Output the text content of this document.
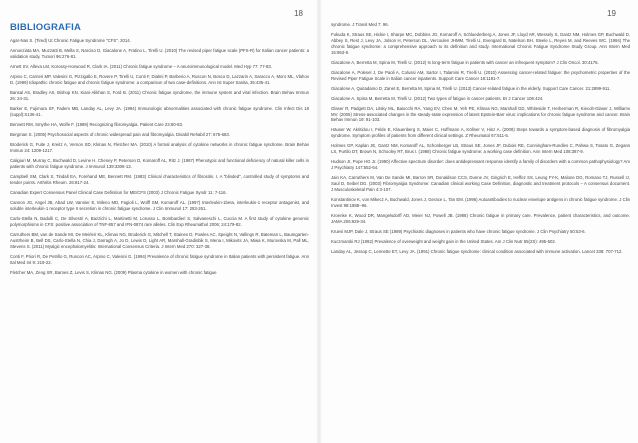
18
BIBLIOGRAFIA

Agar-Nas S. (Tired) Ut Chronic Fatigue Syndrome "CFS". 2014.

Annunziata MA, Muzzatti B, Mella S, Narciso D, Giacalone A, Fratino L, Tirelli U. (2010) The revised piper fatigue scale (PFS-R) for Italian cancer patients: a validation study. Tumori 96:276-81.

Arnett SV, Alleva LM, Korossy-Horwood R, Clark IA. (2011) Chronic fatigue syndrome – A neuroimmunological model. Med Hyp 77: 77-83.

Arpino C, Carrieri MP, Valesini G, Pizzigallo E, Rovere P, Tirelli U, Conti F, Dialmi P, Barberio A, Ruscon N, Bosco D, Lazzarin A, Saracco A, Moro ML, Vlahov D. (1999) Idiopathic chronic fatigue and chronic fatigue syndrome: a comparison of two case-definitions. Ann Ist Super Sanita, 35:435-41.

Bansal AS, Bradley AS, Bishop KN, Kiani-Alikhan S, Ford B. (2011) Chronic fatigue syndrome, the immune system and viral infection. Brain Behav Immun 26: 24-31.

Barker E, Fujimura SF, Fadem MB, Landay AL, Levy JA. (1994) Immunologic abnormalities associated with chronic fatigue syndrome. Clin Infect Dis 18 (suppl):S136-41.

Bennett RM, Smythe HA, Wolfe F. (1989) Recognizing fibromyalgia. Patient Care 23:60-83.

Bergman S. (2005) Psychosocial aspects of chronic widespread pain and fibromyalgia. Disabil Rehabil 27: 675-683.

Broderick G, Fuite J, Kreitz A, Vernon SD, Klimas N, Fletcher MA. (2010) A formal analysis of cytokine networks in chronic fatigue syndrome. Brain Behav Immun 24: 1209-1217.

Caligiuri M, Murray C, Buchwald D, Levine H, Cheney P, Peterson D, Komaroff AL, Ritz J. (1987) Phenotypic and functional deficiency of natural killer cells in patients with chronic fatigue syndrome. J Immunol 139:3306-13.

Campbell SM, Clark S, Tindall EA, Forehand ME, Bennett RM. (1983) Clinical characteristics of fibrositis. I. A "blinded", controlled study of symptoms and tender points. Arthritis Rheum. 26:817-24.

Canadian Expert Consensus Panel Clinical Case Definition for ME/CFS (2003) J Chronic Fatigue Syndr 11: 7-116.

Cannon JG, Angel JB, Abad LW, Vannier E, Mileno MD, Fagioli L, Wolff SM, Komaroff AL. (1997) Interleukin-1beta, interleukin-1 receptor antagonist, and soluble interleukin-1 receptor type II secretion in chronic fatigue syndrome. J Clin Immunol 17: 253-261.

Carlo-Stella N, Badulli C, De Silvestri A, Bazzichi L, Martinetti M, Lorusso L, Bombardieri S, Salvaneschi L, Cuccia M. A first study of cytokine genomic polymorphisms in CFS: positive association of TNF-857 and IFN-0874 rare alleles. Clin Exp Rheumathol 2006; 24:179-82.

Carruthers BM, van de Sande MI, De Meirleir KL, Klimas NG, Broderick G, Mitchell T, Staines D, Powles AC, Speight N, Vallings R, Bateman L, Baumgarten-Austrheim B, Bell DS, Carlo-Stella N, Chia J, Darragh A, Jo D, Lewis D, Light AR, Marshall-Gradisbik S, Mena I, Mikovits JA, Miwa K, Murovska M, Pall ML, Stevens S. (2011) Myalgic encephalomyelitis: International Consensus Criteria. J Intern Med 270: 327-38.

Conti F, Priori R, De Petrillo G, Ruscon AC, Arpino C, Valesini G. (1994) Prevalence of chronic fatigue syndrome in Italian patients with persistent fatigue. Ann Ital Med Int 9: 219-22.

Fletcher MA, Zeng XR, Barnes Z, Levis S, Klimas NG. (2009) Plasma cytokine in women with chronic fatigue

19

syndrome. J Transl Med 7: 96.

Fukuda K, Straus SE, Hickie I, Sharpe MC, Dobbins JG, Komaroff A, Schluederberg A, Jones JF, Lloyd AR, Wessely S, Gantz NM, Holmes GP, Buchwald D, Abbey S, Rest J, Levy JA, Jolson H, Peterson DL, Vercoulen JHMM, Tirelli U, Evengard B, Natelson BH, Steele L, Reyes M, and Reeves WC. (1994) The chronic fatigue syndrome: a comprehensive approach to its definition and study. International Chronic Fatigue Syndrome Study Group. Ann Intern Med 15:953-9.

Giacalone A, Berretta M, Spina M, Tirelli U. (2012) Is long-term fatigue in patients with cancer an infrequent symptom? J Clin Oncol. 30:4175.

Giacalone A, Polesel J, De Paoli A, Colussi AM, Sartor I, Talamini R, Tirelli U. (2010) Assessing cancer-related fatigue: the psychometric properties of the Revised Piper Fatigue Scale in Italian cancer inpatients. Support Care Cancer 18:1191-7.

Giacalone A, Quitadamo D, Zanet E, Berretta M, Spina M, Tirelli U. (2013) Cancer-related fatigue in the elderly. Support Care Cancer. 21:2899-911.

Giacalone A, Spina M, Berretta M, Tirelli U. (2012) Two types of fatigue in cancer patients. Br J Cancer 106:424.

Glaser R, Padgett DA, Litsky ML, Baiocchi RA, Yang EV, Chen M, Yeh PE, Klimas NG, Marshall GD, Whiteside T, Herberman R, Kiecolt-Glaser J, Williams MV. (2005) Stress-associated changes in the steady-state expression of latent Epstein-Barr virus: implications for chronic fatigue syndrome and cancer. Brain Behav Immun 19: 91-103.

Häuser W, Akritidou I, Felde E, Klauenberg S, Maier C, Hoffmann A, Köllner V, Hinz A. (2008) Steps towards a symptom-based diagnosis of fibromyalgia syndrome. Symptom profiles of patients from different clinical settings. Z Rheumatol 67:511-5.

Holmes GP, Kaplan JE, Gantz NM, Komaroff AL, Schonberger LB, Straus SE, Jones JF, Dubois RE, Cunningham-Rundles C, Pahwa S, Tosato G, Zegans LS, Purtilo DT, Brown N, Schooley RT, Brus I. (1988) Chronic fatigue syndrome: a working case definition. Ann Intern Med 108:387-9.

Hudson JI, Pope HG Jr. (1990) Affective spectrum disorder: does antidepressant response identify a family of disorders with a common pathophysiology? Am J Psychiatry 147:552-64.

Jain KA, Carruthers M, Van De Sande MI, Barron SR, Donaldson CCS, Dunne JV, Gingrich E, Heffez SS, Leung FY-K, Malone DG, Romano TJ, Russell IJ, Saul D, Seibel DG. (2003) Fibromyalgia Syndrome: Canadian clinical working Case Definition, diagnostic and treatment protocols – A consensus document. J Musculoskeletal Pain 4:3-107.

Konstantinov K, von Mikecz A, Buchwald, Jones J, Gerace L, Tan EM. (1996) Autoantibodies to nuclear envelope antigens in chronic fatigue syndrome. J Clin Invest 98:1888–96.

Kroenke K, Wood DR, Mangelsdorff AD, Meier NJ, Powell JB. (1988) Chronic fatigue in primary care. Prevalence, patient characteristics, and outcome. JAMA 206:929-34.

Kruesi MJP, Dale J, Straus SE (1989) Psychiatric diagnoses in patients who have chronic fatigue syndrome. J Clin Psychiatry 50:53-6.

Kuczmarski RJ (1992) Prevalence of overweight and weight gain in the United States. Am J Clin Nutr 55(2S): 495-502.

Landay AL, Jessop C, Lennette ET, Levy JA. (1991) Chronic fatigue syndrome: clinical condition associated with immune activation. Lancet 338: 707-712.
